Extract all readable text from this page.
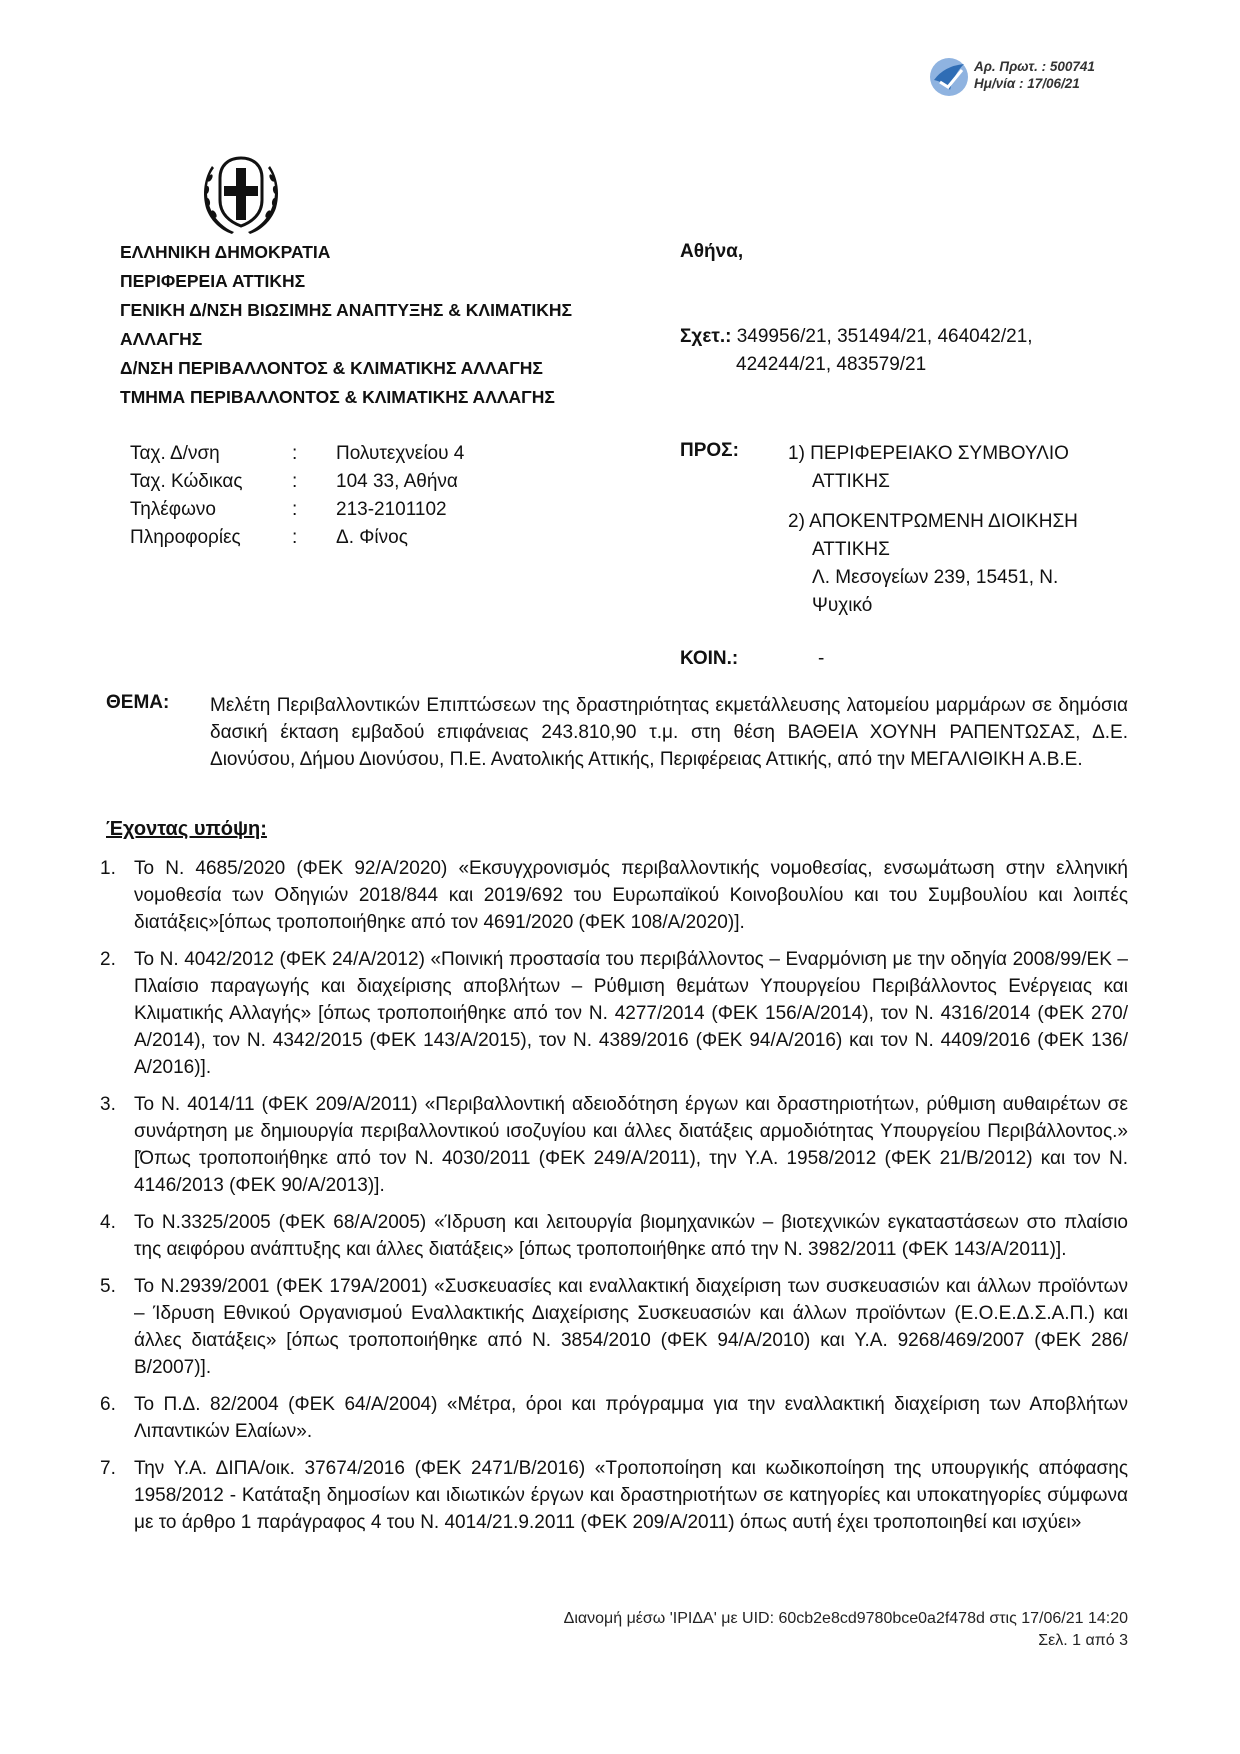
Αρ. Πρωτ. : 500741
Ημ/νία : 17/06/21
ΕΛΛΗΝΙΚΗ ΔΗΜΟΚΡΑΤΙΑ
ΠΕΡΙΦΕΡΕΙΑ ΑΤΤΙΚΗΣ
ΓΕΝΙΚΗ Δ/ΝΣΗ ΒΙΩΣΙΜΗΣ ΑΝΑΠΤΥΞΗΣ & ΚΛΙΜΑΤΙΚΗΣ
ΑΛΛΑΓΗΣ
Δ/ΝΣΗ ΠΕΡΙΒΑΛΛΟΝΤΟΣ & ΚΛΙΜΑΤΙΚΗΣ ΑΛΛΑΓΗΣ
ΤΜΗΜΑ ΠΕΡΙΒΑΛΛΟΝΤΟΣ & ΚΛΙΜΑΤΙΚΗΣ ΑΛΛΑΓΗΣ
Ταχ. Δ/νση	:	Πολυτεχνείου 4
Ταχ. Κώδικας	:	104 33, Αθήνα
Τηλέφωνο	:	213-2101102
Πληροφορίες	:	Δ. Φίνος
Αθήνα,
Σχετ.: 349956/21, 351494/21, 464042/21,
424244/21, 483579/21
ΠΡΟΣ:	1) ΠΕΡΙΦΕΡΕΙΑΚΟ ΣΥΜΒΟΥΛΙΟ
ΑΤΤΙΚΗΣ
2) ΑΠΟΚΕΝΤΡΩΜΕΝΗ ΔΙΟΙΚΗΣΗ
ΑΤΤΙΚΗΣ
Λ. Μεσογείων 239, 15451, Ν.
Ψυχικό
ΚΟΙΝ.:	-
ΘΕΜΑ: Μελέτη Περιβαλλοντικών Επιπτώσεων της δραστηριότητας εκμετάλλευσης λατομείου μαρμάρων σε δημόσια δασική έκταση εμβαδού επιφάνειας 243.810,90 τ.μ. στη θέση ΒΑΘΕΙΑ ΧΟΥΝΗ ΡΑΠΕΝΤΩΣΑΣ, Δ.Ε. Διονύσου, Δήμου Διονύσου, Π.Ε. Ανατολικής Αττικής, Περιφέρειας Αττικής, από την ΜΕΓΑΛΙΘΙΚΗ Α.Β.Ε.
Έχοντας υπόψη:
1. Το Ν. 4685/2020 (ΦΕΚ 92/Α/2020) «Εκσυγχρονισμός περιβαλλοντικής νομοθεσίας, ενσωμάτωση στην ελληνική νομοθεσία των Οδηγιών 2018/844 και 2019/692 του Ευρωπαϊκού Κοινοβουλίου και του Συμβουλίου και λοιπές διατάξεις»[όπως τροποποιήθηκε από τον 4691/2020 (ΦΕΚ 108/Α/2020)].
2. Το Ν. 4042/2012 (ΦΕΚ 24/Α/2012) «Ποινική προστασία του περιβάλλοντος – Εναρμόνιση με την οδηγία 2008/99/ΕΚ – Πλαίσιο παραγωγής και διαχείρισης αποβλήτων – Ρύθμιση θεμάτων Υπουργείου Περιβάλλοντος Ενέργειας και Κλιματικής Αλλαγής» [όπως τροποποιήθηκε από τον Ν. 4277/2014 (ΦΕΚ 156/Α/2014), τον Ν. 4316/2014 (ΦΕΚ 270/Α/2014), τον Ν. 4342/2015 (ΦΕΚ 143/Α/2015), τον Ν. 4389/2016 (ΦΕΚ 94/Α/2016) και τον Ν. 4409/2016 (ΦΕΚ 136/Α/2016)].
3. Το Ν. 4014/11 (ΦΕΚ 209/Α/2011) «Περιβαλλοντική αδειοδότηση έργων και δραστηριοτήτων, ρύθμιση αυθαιρέτων σε συνάρτηση με δημιουργία περιβαλλοντικού ισοζυγίου και άλλες διατάξεις αρμοδιότητας Υπουργείου Περιβάλλοντος.» [Όπως τροποποιήθηκε από τον Ν. 4030/2011 (ΦΕΚ 249/Α/2011), την Υ.Α. 1958/2012 (ΦΕΚ 21/Β/2012) και τον Ν. 4146/2013 (ΦΕΚ 90/Α/2013)].
4. Το Ν.3325/2005 (ΦΕΚ 68/Α/2005) «Ίδρυση και λειτουργία βιομηχανικών – βιοτεχνικών εγκαταστάσεων στο πλαίσιο της αειφόρου ανάπτυξης και άλλες διατάξεις» [όπως τροποποιήθηκε από την Ν. 3982/2011 (ΦΕΚ 143/Α/2011)].
5. Το Ν.2939/2001 (ΦΕΚ 179Α/2001) «Συσκευασίες και εναλλακτική διαχείριση των συσκευασιών και άλλων προϊόντων – Ίδρυση Εθνικού Οργανισμού Εναλλακτικής Διαχείρισης Συσκευασιών και άλλων προϊόντων (Ε.Ο.Ε.Δ.Σ.Α.Π.) και άλλες διατάξεις» [όπως τροποποιήθηκε από Ν. 3854/2010 (ΦΕΚ 94/Α/2010) και Υ.Α. 9268/469/2007 (ΦΕΚ 286/Β/2007)].
6. Το Π.Δ. 82/2004 (ΦΕΚ 64/Α/2004) «Μέτρα, όροι και πρόγραμμα για την εναλλακτική διαχείριση των Αποβλήτων Λιπαντικών Ελαίων».
7. Την Υ.Α. ΔΙΠΑ/οικ. 37674/2016 (ΦΕΚ 2471/Β/2016) «Τροποποίηση και κωδικοποίηση της υπουργικής απόφασης 1958/2012 - Κατάταξη δημοσίων και ιδιωτικών έργων και δραστηριοτήτων σε κατηγορίες και υποκατηγορίες σύμφωνα με το άρθρο 1 παράγραφος 4 του Ν. 4014/21.9.2011 (ΦΕΚ 209/Α/2011) όπως αυτή έχει τροποποιηθεί και ισχύει»
Διανομή μέσω 'ΙΡΙΔΑ' με UID: 60cb2e8cd9780bce0a2f478d στις 17/06/21 14:20
Σελ. 1 από 3
